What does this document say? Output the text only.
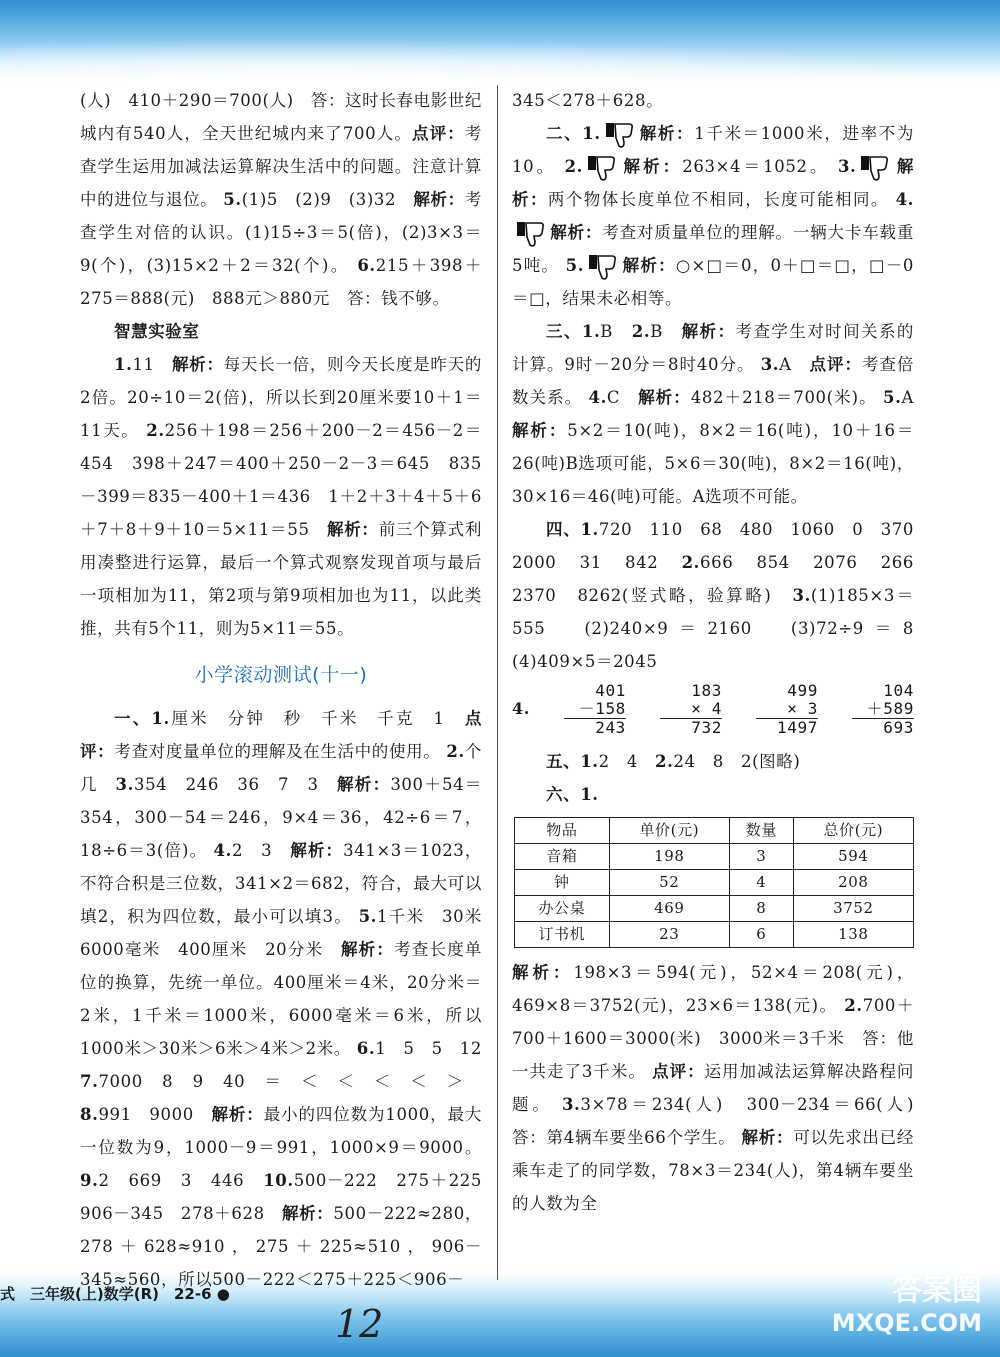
(人)　410＋290＝700(人)　答：这时长春电影世纪城内有540人，全天世纪城内来了700人。点评：考查学生运用加减法运算解决生活中的问题。注意计算中的进位与退位。 5.(1)5　(2)9　(3)32　解析：考查学生对倍的认识。(1)15÷3＝5(倍)，(2)3×3＝9(个)，(3)15×2＋2＝32(个)。 6.215＋398＋275＝888(元)　888元＞880元　答：钱不够。

智慧实验室

1.11　解析：每天长一倍，则今天长度是昨天的2倍。20÷10＝2(倍)，所以长到20厘米要10＋1＝11天。 2.256＋198＝256＋200－2＝456－2＝454　398＋247＝400＋250－2－3＝645　835－399＝835－400＋1＝436　1＋2＋3＋4＋5＋6＋7＋8＋9＋10＝5×11＝55　解析：前三个算式利用凑整进行运算，最后一个算式观察发现首项与最后一项相加为11，第2项与第9项相加也为11，以此类推，共有5个11，则为5×11＝55。

小学滚动测试(十一)

一、1.厘米　分钟　秒　千米　千克　1　点评：考查对度量单位的理解及在生活中的使用。 2.个　几　3.354　246　36　7　3　解析：300＋54＝354，300－54＝246，9×4＝36，42÷6＝7，18÷6＝3(倍)。 4.2　3　解析：341×3＝1023，不符合积是三位数，341×2＝682，符合，最大可以填2，积为四位数，最小可以填3。 5.1千米　30米　6000毫米　400厘米　20分米　解析：考查长度单位的换算，先统一单位。400厘米＝4米，20分米＝2米，1千米＝1000米，6000毫米＝6米，所以1000米＞30米＞6米＞4米＞2米。 6.1　5　5　12　7.7000　8　9　40　＝　＜　＜　＜　＜　＞　 8.991　9000　解析：最小的四位数为1000，最大一位数为9，1000－9＝991，1000×9＝9000。 9.2　669　3　446　10.500－222　275＋225　906－345　278＋628　解析：500－222≈280，278＋628≈910，275＋225≈510，906－345≈560，所以500－222＜275＋225＜906－

345＜278＋628。

二、1. 解析：1千米＝1000米，进率不为10。 2. 解析：263×4＝1052。 3. 解析：两个物体长度单位不相同，长度可能相同。 4.解析：考查对质量单位的理解。一辆大卡车载重5吨。 5. 解析：○×□＝0，0＋□＝□，□－0＝□，结果未必相等。

三、1.B　2.B　解析：考查学生对时间关系的计算。9时－20分＝8时40分。 3.A　点评：考查倍数关系。 4.C　解析：482＋218＝700(米)。 5.A 解析：5×2＝10(吨)，8×2＝16(吨)，10＋16＝26(吨)B选项可能，5×6＝30(吨)，8×2＝16(吨)，30×16＝46(吨)可能。A选项不可能。

四、1.720　110　68　480　1060　0　370　2000　31　842　2.666　854　2076　266　2370　8262(竖式略，验算略)　3.(1)185×3＝555　(2)240×9＝2160　(3)72÷9＝8　(4)409×5＝2045

4.
401
－158
243
183
× 4
732
499
× 3
1497
104
＋589
693

五、1.2　4　2.24　8　2(图略)

六、1.

物品	单价(元)	数量	总价(元)
音箱	198	3	594
钟	52	4	208
办公桌	469	8	3752
订书机	23	6	138

解析：198×3＝594(元)，52×4＝208(元)，469×8＝3752(元)，23×6＝138(元)。 2.700＋700＋1600＝3000(米)　3000米＝3千米　答：他一共走了3千米。 点评：运用加减法运算解决路程问题。 3.3×78＝234(人)　300－234＝66(人)　答：第4辆车要坐66个学生。 解析：可以先求出已经乘车走了的同学数，78×3＝234(人)，第4辆车要坐的人数为全

式　三年级(上)数学(R)　22-6 ●
12
答案圈
MXQE.COM
